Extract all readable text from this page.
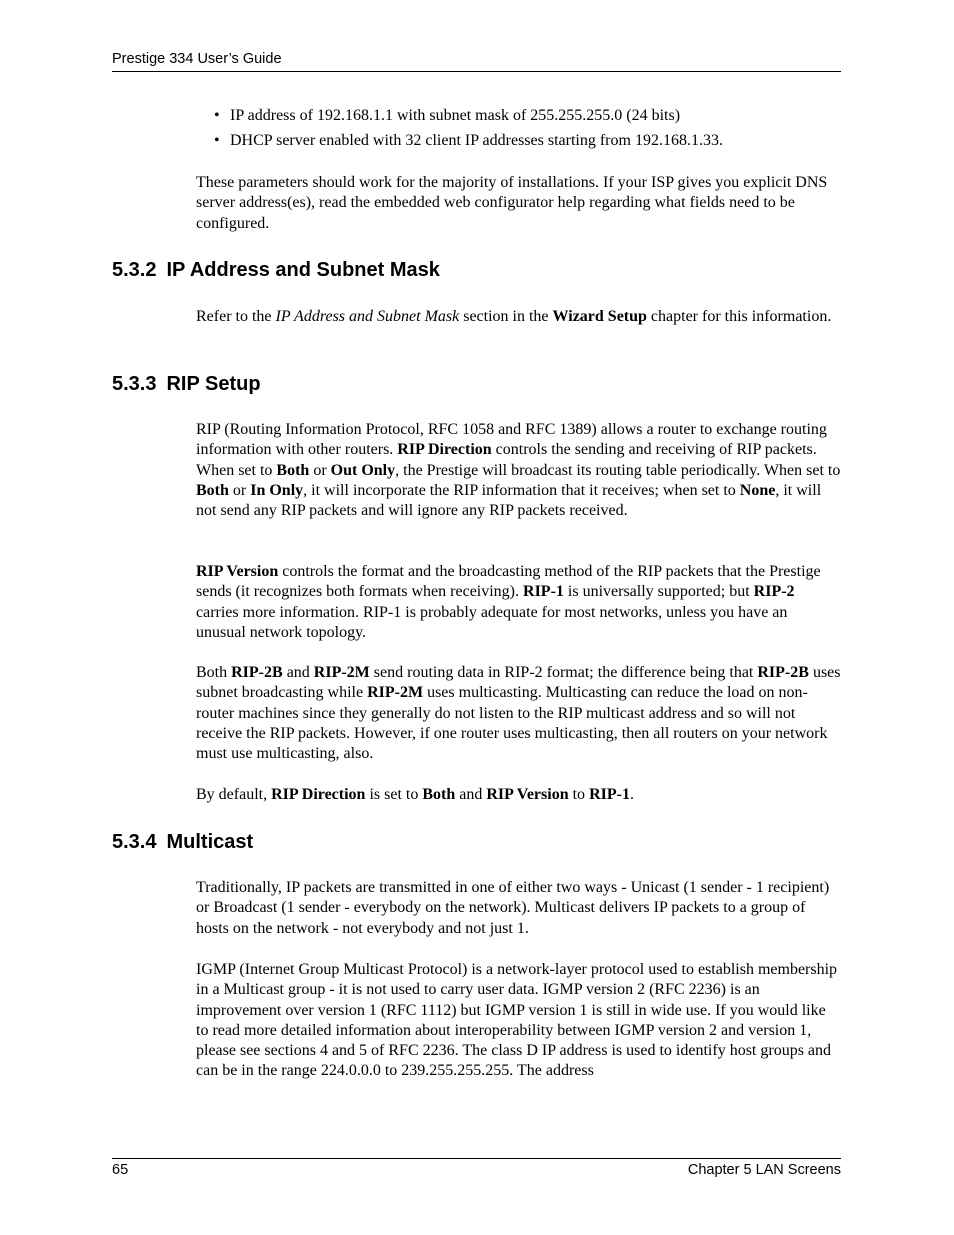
Prestige 334 User’s Guide
• IP address of 192.168.1.1 with subnet mask of 255.255.255.0 (24 bits)
• DHCP server enabled with 32 client IP addresses starting from 192.168.1.33.

These parameters should work for the majority of installations. If your ISP gives you explicit DNS server address(es), read the embedded web configurator help regarding what fields need to be configured.

5.3.2 IP Address and Subnet Mask

Refer to the IP Address and Subnet Mask section in the Wizard Setup chapter for this information.

5.3.3 RIP Setup

RIP (Routing Information Protocol, RFC 1058 and RFC 1389) allows a router to exchange routing information with other routers. RIP Direction controls the sending and receiving of RIP packets. When set to Both or Out Only, the Prestige will broadcast its routing table periodically. When set to Both or In Only, it will incorporate the RIP information that it receives; when set to None, it will not send any RIP packets and will ignore any RIP packets received.

RIP Version controls the format and the broadcasting method of the RIP packets that the Prestige sends (it recognizes both formats when receiving). RIP-1 is universally supported; but RIP-2 carries more information. RIP-1 is probably adequate for most networks, unless you have an unusual network topology.

Both RIP-2B and RIP-2M send routing data in RIP-2 format; the difference being that RIP-2B uses subnet broadcasting while RIP-2M uses multicasting. Multicasting can reduce the load on non-router machines since they generally do not listen to the RIP multicast address and so will not receive the RIP packets. However, if one router uses multicasting, then all routers on your network must use multicasting, also.

By default, RIP Direction is set to Both and RIP Version to RIP-1.

5.3.4 Multicast

Traditionally, IP packets are transmitted in one of either two ways - Unicast (1 sender - 1 recipient) or Broadcast (1 sender - everybody on the network). Multicast delivers IP packets to a group of hosts on the network - not everybody and not just 1.

IGMP (Internet Group Multicast Protocol) is a network-layer protocol used to establish membership in a Multicast group - it is not used to carry user data. IGMP version 2 (RFC 2236) is an improvement over version 1 (RFC 1112) but IGMP version 1 is still in wide use. If you would like to read more detailed information about interoperability between IGMP version 2 and version 1, please see sections 4 and 5 of RFC 2236. The class D IP address is used to identify host groups and can be in the range 224.0.0.0 to 239.255.255.255. The address

65	Chapter 5 LAN Screens
